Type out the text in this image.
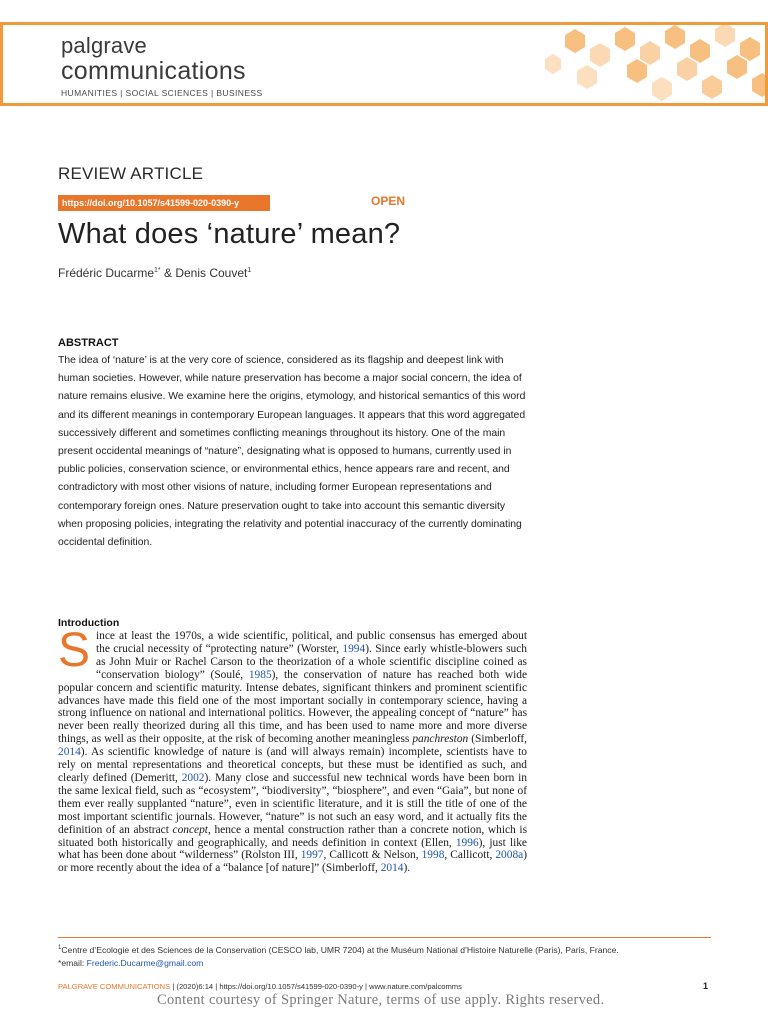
palgrave
communications
HUMANITIES | SOCIAL SCIENCES | BUSINESS
REVIEW ARTICLE
https://doi.org/10.1057/s41599-020-0390-y	OPEN
What does ‘nature’ mean?
Frédéric Ducarme$^{1*}$ & Denis Couvet$^1$
ABSTRACT

The idea of ‘nature’ is at the very core of science, considered as its flagship and deepest link with human societies. However, while nature preservation has become a major social concern, the idea of nature remains elusive. We examine here the origins, etymology, and historical semantics of this word and its different meanings in contemporary European languages. It appears that this word aggregated successively different and sometimes conflicting meanings throughout its history. One of the main present occidental meanings of “nature”, designating what is opposed to humans, currently used in public policies, conservation science, or environmental ethics, hence appears rare and recent, and contradictory with most other visions of nature, including former European representations and contemporary foreign ones. Nature preservation ought to take into account this semantic diversity when proposing policies, integrating the relativity and potential inaccuracy of the currently dominating occidental definition.

Introduction

Since at least the 1970s, a wide scientific, political, and public consensus has emerged about the crucial necessity of “protecting nature” (Worster, 1994). Since early whistle-blowers such as John Muir or Rachel Carson to the theorization of a whole scientific discipline coined as “conservation biology” (Soulé, 1985), the conservation of nature has reached both wide popular concern and scientific maturity. Intense debates, significant thinkers and prominent scientific advances have made this field one of the most important socially in contemporary science, having a strong influence on national and international politics. However, the appealing concept of “nature” has never been really theorized during all this time, and has been used to name more and more diverse things, as well as their opposite, at the risk of becoming another meaningless panchreston (Simberloff, 2014). As scientific knowledge of nature is (and will always remain) incomplete, scientists have to rely on mental representations and theoretical concepts, but these must be identified as such, and clearly defined (Demeritt, 2002). Many close and successful new technical words have been born in the same lexical field, such as “ecosystem”, “biodiversity”, “biosphere”, and even “Gaia”, but none of them ever really supplanted “nature”, even in scientific literature, and it is still the title of one of the most important scientific journals. However, “nature” is not such an easy word, and it actually fits the definition of an abstract concept, hence a mental construction rather than a concrete notion, which is situated both historically and geographically, and needs definition in context (Ellen, 1996), just like what has been done about “wilderness” (Rolston III, 1997, Callicott & Nelson, 1998, Callicott, 2008a) or more recently about the idea of a “balance [of nature]” (Simberloff, 2014).

$^1$Centre d’Ecologie et des Sciences de la Conservation (CESCO lab, UMR 7204) at the Muséum National d’Histoire Naturelle (Paris), Paris, France.
*email: Frederic.Ducarme@gmail.com
PALGRAVE COMMUNICATIONS | (2020)6:14 | https://doi.org/10.1057/s41599-020-0390-y | www.nature.com/palcomms	1
Content courtesy of Springer Nature, terms of use apply. Rights reserved.
